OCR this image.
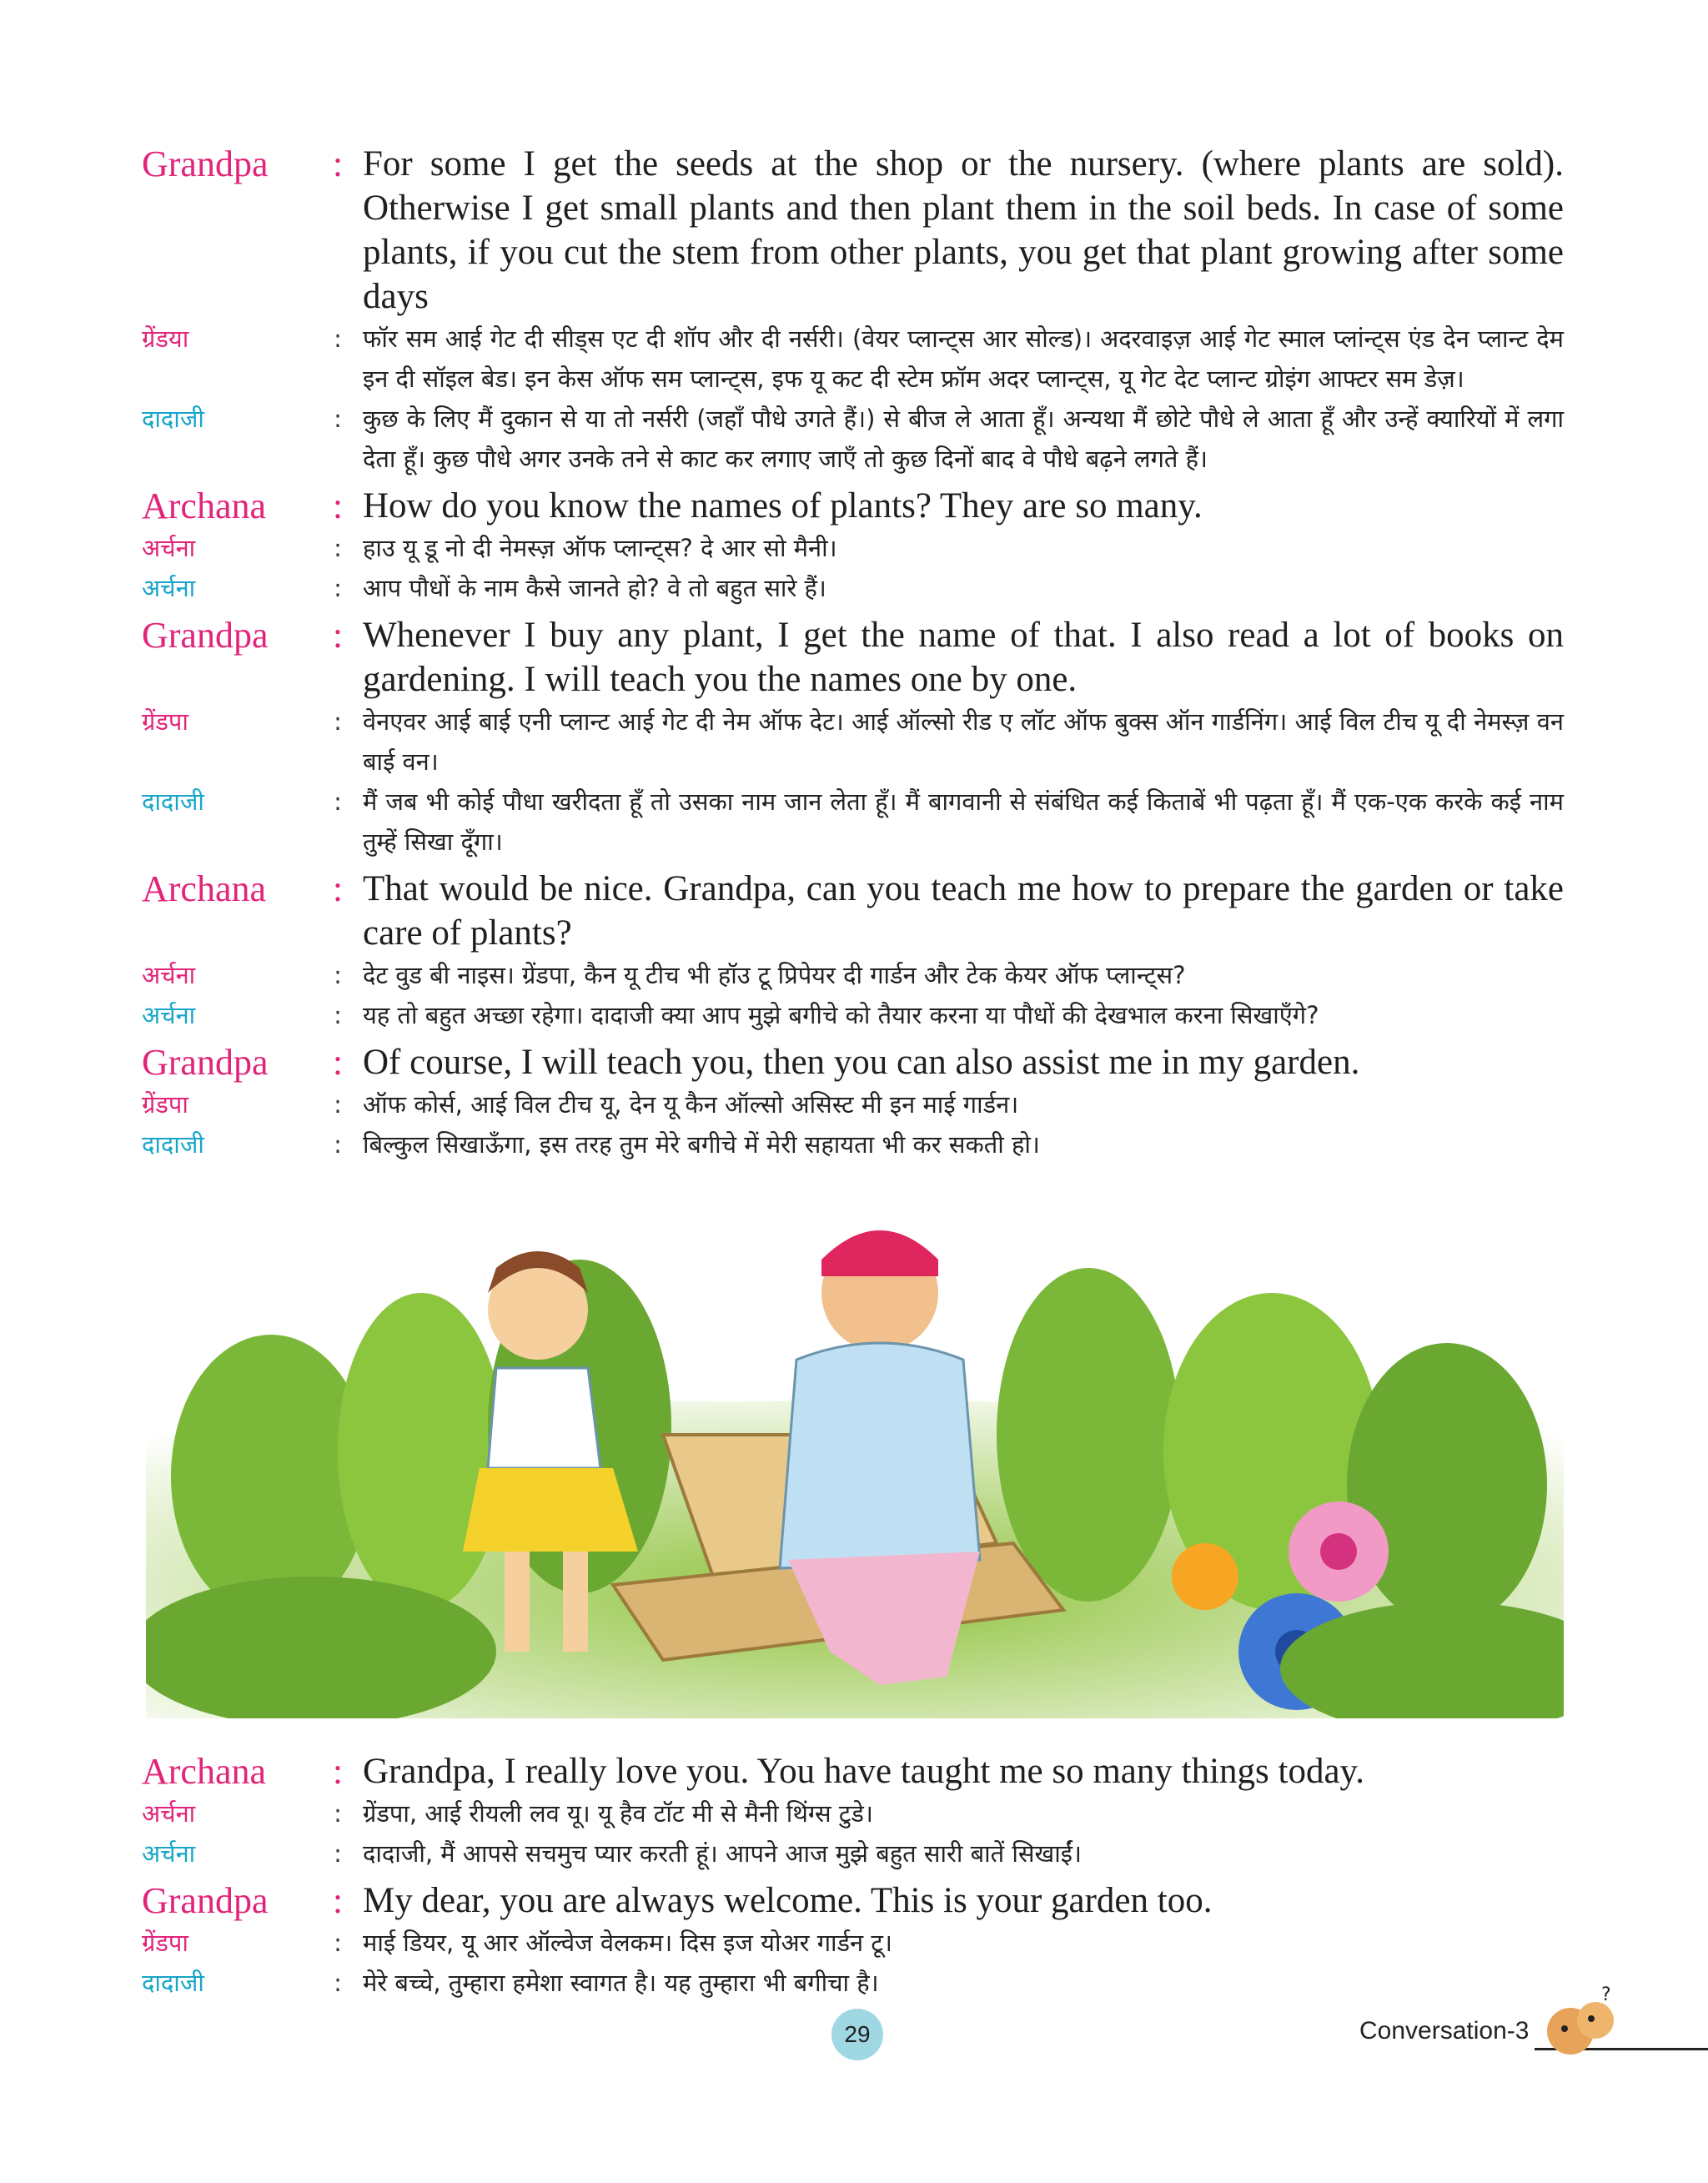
Grandpa	: For some I get the seeds at the shop or the nursery. (where plants are sold). Otherwise I get small plants and then plant them in the soil beds. In case of some plants, if you cut the stem from other plants, you get that plant growing after some days
ग्रेंडया	: फॉर सम आई गेट दी सीड्स एट दी शॉप और दी नर्सरी। (वेयर प्लान्ट्स आर सोल्ड)। अदरवाइज़ आई गेट स्माल प्लांन्ट्स एंड देन प्लान्ट देम इन दी सॉइल बेड। इन केस ऑफ सम प्लान्ट्स, इफ यू कट दी स्टेम फ्रॉम अदर प्लान्ट्स, यू गेट देट प्लान्ट ग्रोइंग आफ्टर सम डेज़।
दादाजी	: कुछ के लिए मैं दुकान से या तो नर्सरी (जहाँ पौधे उगते हैं।) से बीज ले आता हूँ। अन्यथा मैं छोटे पौधे ले आता हूँ और उन्हें क्यारियों में लगा देता हूँ। कुछ पौधे अगर उनके तने से काट कर लगाए जाएँ तो कुछ दिनों बाद वे पौधे बढ़ने लगते हैं।
Archana	: How do you know the names of plants? They are so many.
अर्चना	: हाउ यू डू नो दी नेमस्ज़ ऑफ प्लान्ट्स? दे आर सो मैनी।
अर्चना	: आप पौधों के नाम कैसे जानते हो? वे तो बहुत सारे हैं।
Grandpa	: Whenever I buy any plant, I get the name of that. I also read a lot of books on gardening. I will teach you the names one by one.
ग्रेंडपा	: वेनएवर आई बाई एनी प्लान्ट आई गेट दी नेम ऑफ देट। आई ऑल्सो रीड ए लॉट ऑफ बुक्स ऑन गार्डनिंग। आई विल टीच यू दी नेमस्ज़ वन बाई वन।
दादाजी	: मैं जब भी कोई पौधा खरीदता हूँ तो उसका नाम जान लेता हूँ। मैं बागवानी से संबंधित कई किताबें भी पढ़ता हूँ। मैं एक-एक करके कई नाम तुम्हें सिखा दूँगा।
Archana	: That would be nice. Grandpa, can you teach me how to prepare the garden or take care of plants?
अर्चना	: देट वुड बी नाइस। ग्रेंडपा, कैन यू टीच भी हॉउ टू प्रिपेयर दी गार्डन और टेक केयर ऑफ प्लान्ट्स?
अर्चना	: यह तो बहुत अच्छा रहेगा। दादाजी क्या आप मुझे बगीचे को तैयार करना या पौधों की देखभाल करना सिखाएँगे?
Grandpa	: Of course, I will teach you, then you can also assist me in my garden.
ग्रेंडपा	: ऑफ कोर्स, आई विल टीच यू, देन यू कैन ऑल्सो असिस्ट मी इन माई गार्डन।
दादाजी	: बिल्कुल सिखाऊँगा, इस तरह तुम मेरे बगीचे में मेरी सहायता भी कर सकती हो।
Archana	: Grandpa, I really love you. You have taught me so many things today.
अर्चना	: ग्रेंडपा, आई रीयली लव यू। यू हैव टॉट मी से मैनी थिंग्स टुडे।
अर्चना	: दादाजी, मैं आपसे सचमुच प्यार करती हूं। आपने आज मुझे बहुत सारी बातें सिखाईं।
Grandpa	: My dear, you are always welcome. This is your garden too.
ग्रेंडपा	: माई डियर, यू आर ऑल्वेज वेलकम। दिस इज योअर गार्डन टू।
दादाजी	: मेरे बच्चे, तुम्हारा हमेशा स्वागत है। यह तुम्हारा भी बगीचा है।
29	Conversation-3
?
